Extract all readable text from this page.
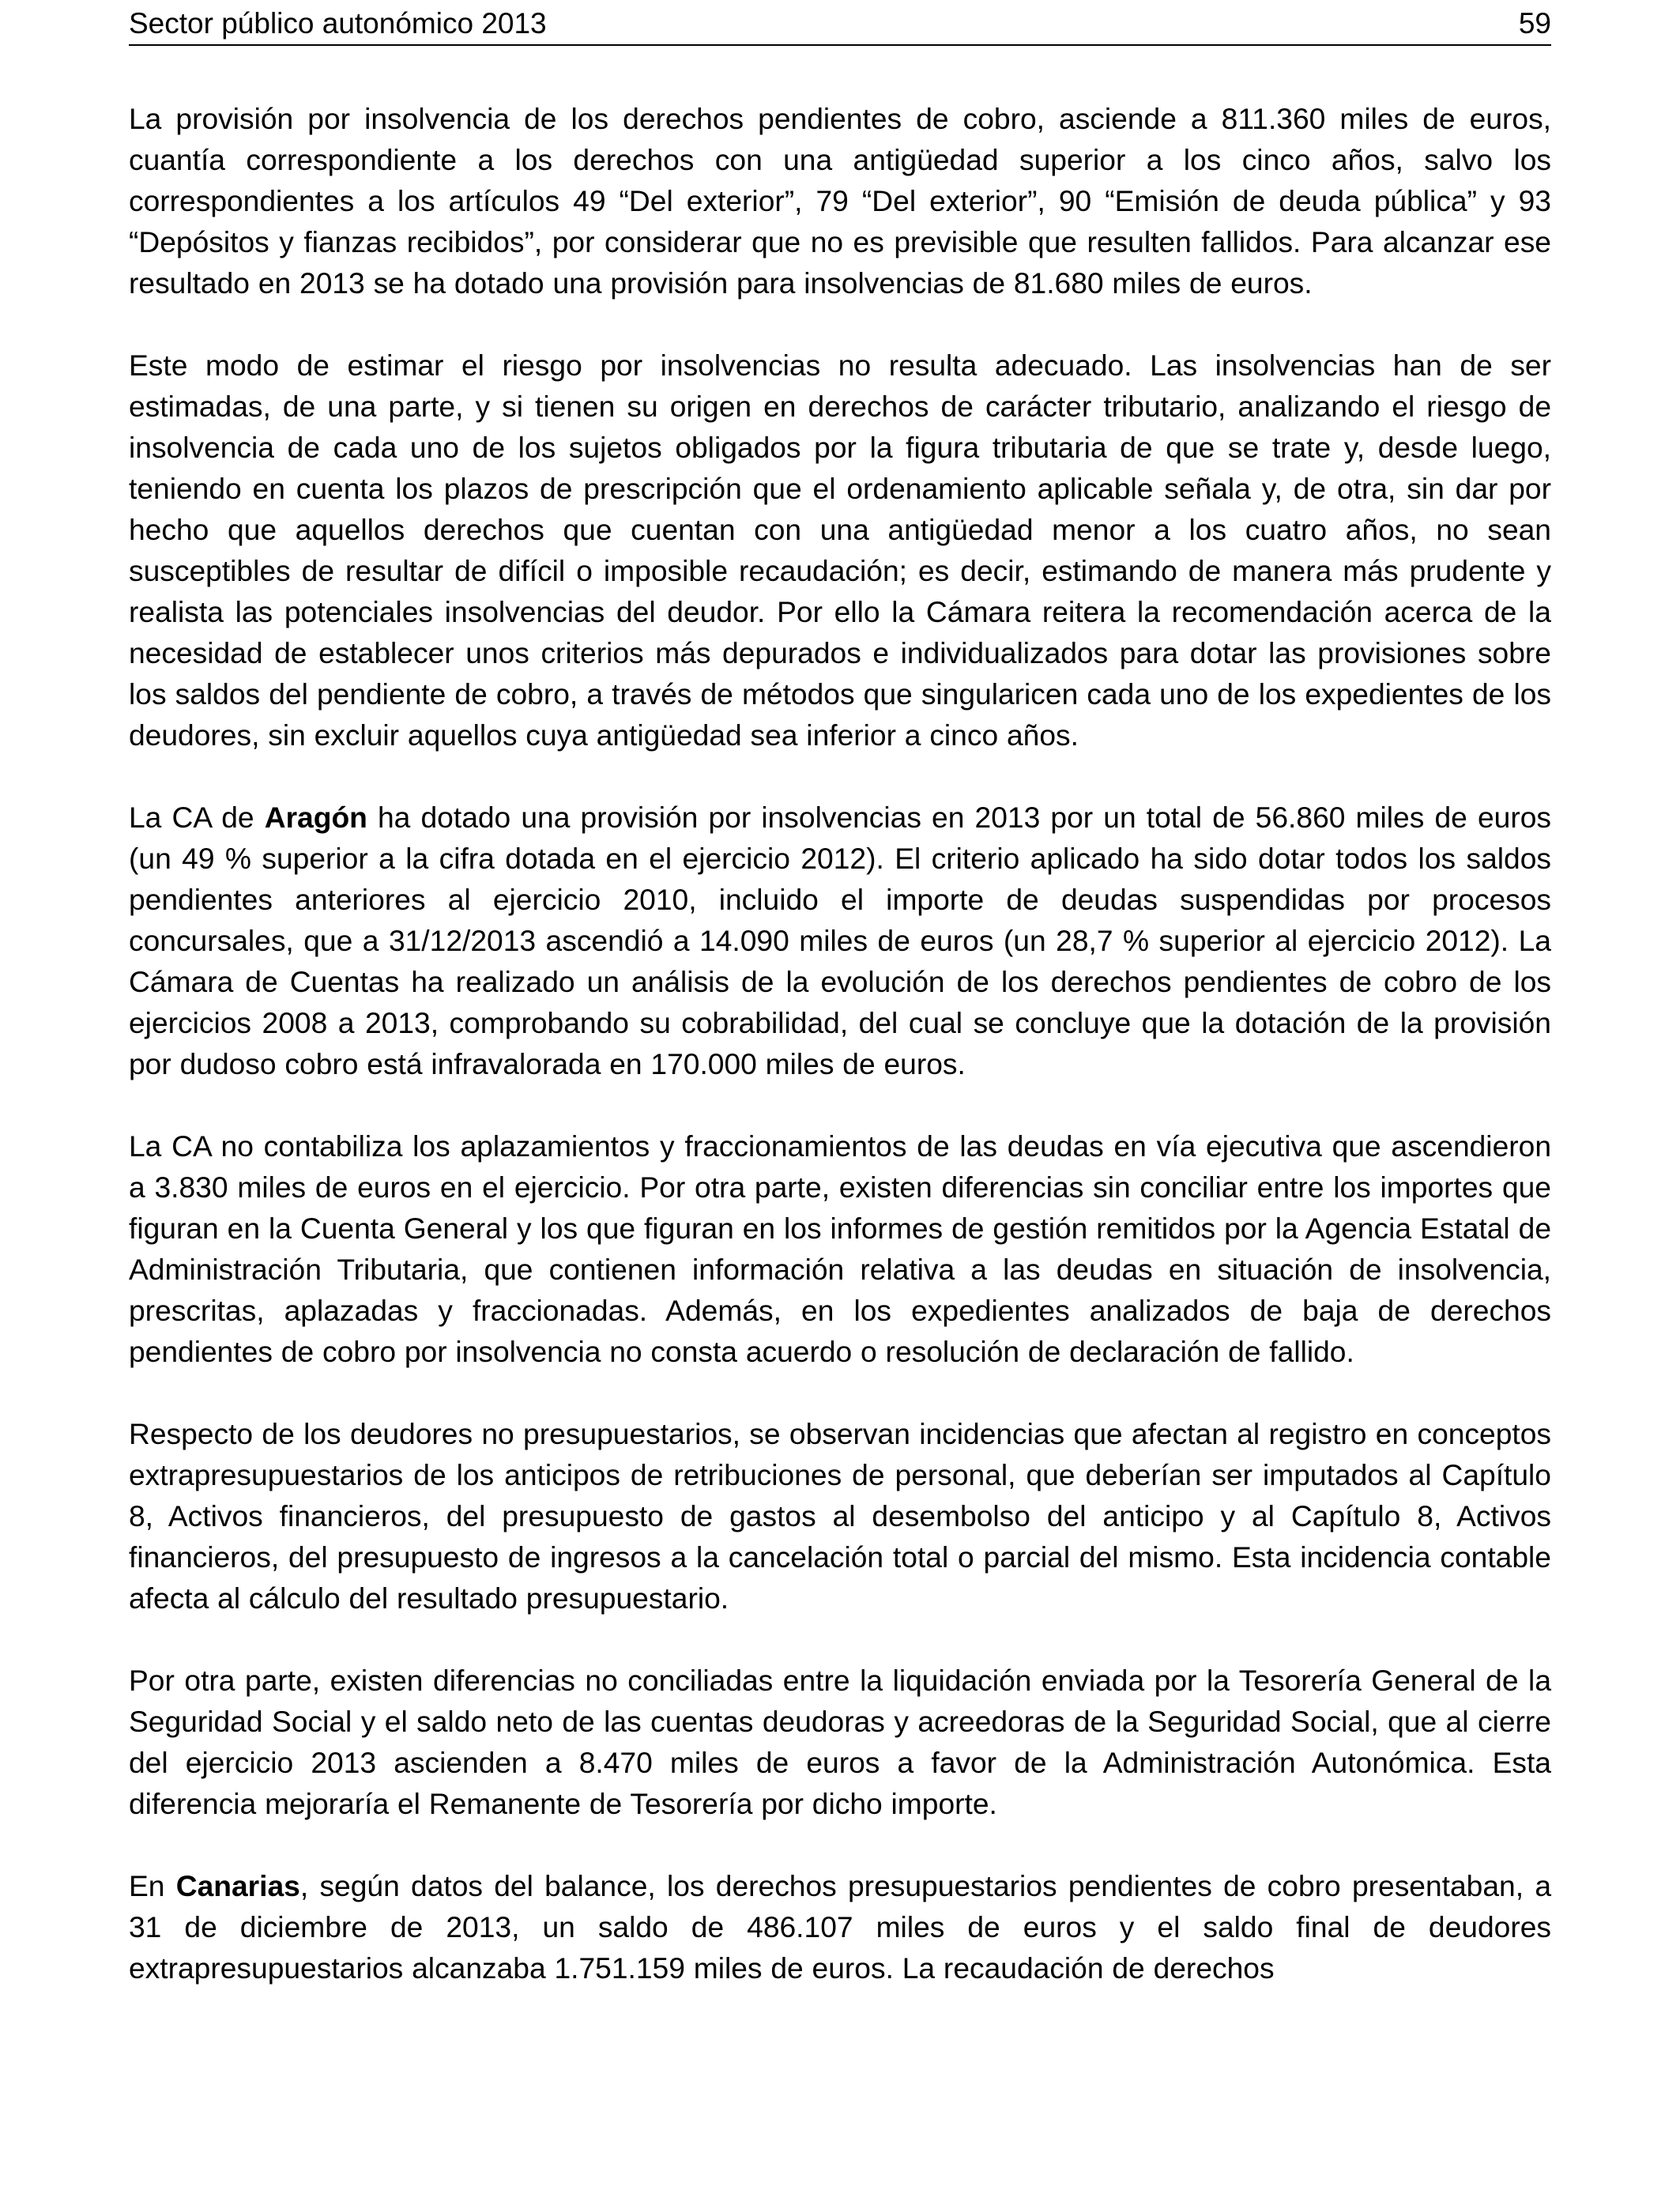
Sector público autonómico 2013	59

La provisión por insolvencia de los derechos pendientes de cobro, asciende a 811.360 miles de euros, cuantía correspondiente a los derechos con una antigüedad superior a los cinco años, salvo los correspondientes a los artículos 49 “Del exterior”, 79 “Del exterior”, 90 “Emisión de deuda pública” y 93 “Depósitos y fianzas recibidos”, por considerar que no es previsible que resulten fallidos. Para alcanzar ese resultado en 2013 se ha dotado una provisión para insolvencias de 81.680 miles de euros.

Este modo de estimar el riesgo por insolvencias no resulta adecuado. Las insolvencias han de ser estimadas, de una parte, y si tienen su origen en derechos de carácter tributario, analizando el riesgo de insolvencia de cada uno de los sujetos obligados por la figura tributaria de que se trate y, desde luego, teniendo en cuenta los plazos de prescripción que el ordenamiento aplicable señala y, de otra, sin dar por hecho que aquellos derechos que cuentan con una antigüedad menor a los cuatro años, no sean susceptibles de resultar de difícil o imposible recaudación; es decir, estimando de manera más prudente y realista las potenciales insolvencias del deudor. Por ello la Cámara reitera la recomendación acerca de la necesidad de establecer unos criterios más depurados e individualizados para dotar las provisiones sobre los saldos del pendiente de cobro, a través de métodos que singularicen cada uno de los expedientes de los deudores, sin excluir aquellos cuya antigüedad sea inferior a cinco años.

La CA de Aragón ha dotado una provisión por insolvencias en 2013 por un total de 56.860 miles de euros (un 49 % superior a la cifra dotada en el ejercicio 2012). El criterio aplicado ha sido dotar todos los saldos pendientes anteriores al ejercicio 2010, incluido el importe de deudas suspendidas por procesos concursales, que a 31/12/2013 ascendió a 14.090 miles de euros (un 28,7 % superior al ejercicio 2012). La Cámara de Cuentas ha realizado un análisis de la evolución de los derechos pendientes de cobro de los ejercicios 2008 a 2013, comprobando su cobrabilidad, del cual se concluye que la dotación de la provisión por dudoso cobro está infravalorada en 170.000 miles de euros.

La CA no contabiliza los aplazamientos y fraccionamientos de las deudas en vía ejecutiva que ascendieron a 3.830 miles de euros en el ejercicio. Por otra parte, existen diferencias sin conciliar entre los importes que figuran en la Cuenta General y los que figuran en los informes de gestión remitidos por la Agencia Estatal de Administración Tributaria, que contienen información relativa a las deudas en situación de insolvencia, prescritas, aplazadas y fraccionadas. Además, en los expedientes analizados de baja de derechos pendientes de cobro por insolvencia no consta acuerdo o resolución de declaración de fallido.

Respecto de los deudores no presupuestarios, se observan incidencias que afectan al registro en conceptos extrapresupuestarios de los anticipos de retribuciones de personal, que deberían ser imputados al Capítulo 8, Activos financieros, del presupuesto de gastos al desembolso del anticipo y al Capítulo 8, Activos financieros, del presupuesto de ingresos a la cancelación total o parcial del mismo. Esta incidencia contable afecta al cálculo del resultado presupuestario.

Por otra parte, existen diferencias no conciliadas entre la liquidación enviada por la Tesorería General de la Seguridad Social y el saldo neto de las cuentas deudoras y acreedoras de la Seguridad Social, que al cierre del ejercicio 2013 ascienden a 8.470 miles de euros a favor de la Administración Autonómica. Esta diferencia mejoraría el Remanente de Tesorería por dicho importe.

En Canarias, según datos del balance, los derechos presupuestarios pendientes de cobro presentaban, a 31 de diciembre de 2013, un saldo de 486.107 miles de euros y el saldo final de deudores extrapresupuestarios alcanzaba 1.751.159 miles de euros. La recaudación de derechos
